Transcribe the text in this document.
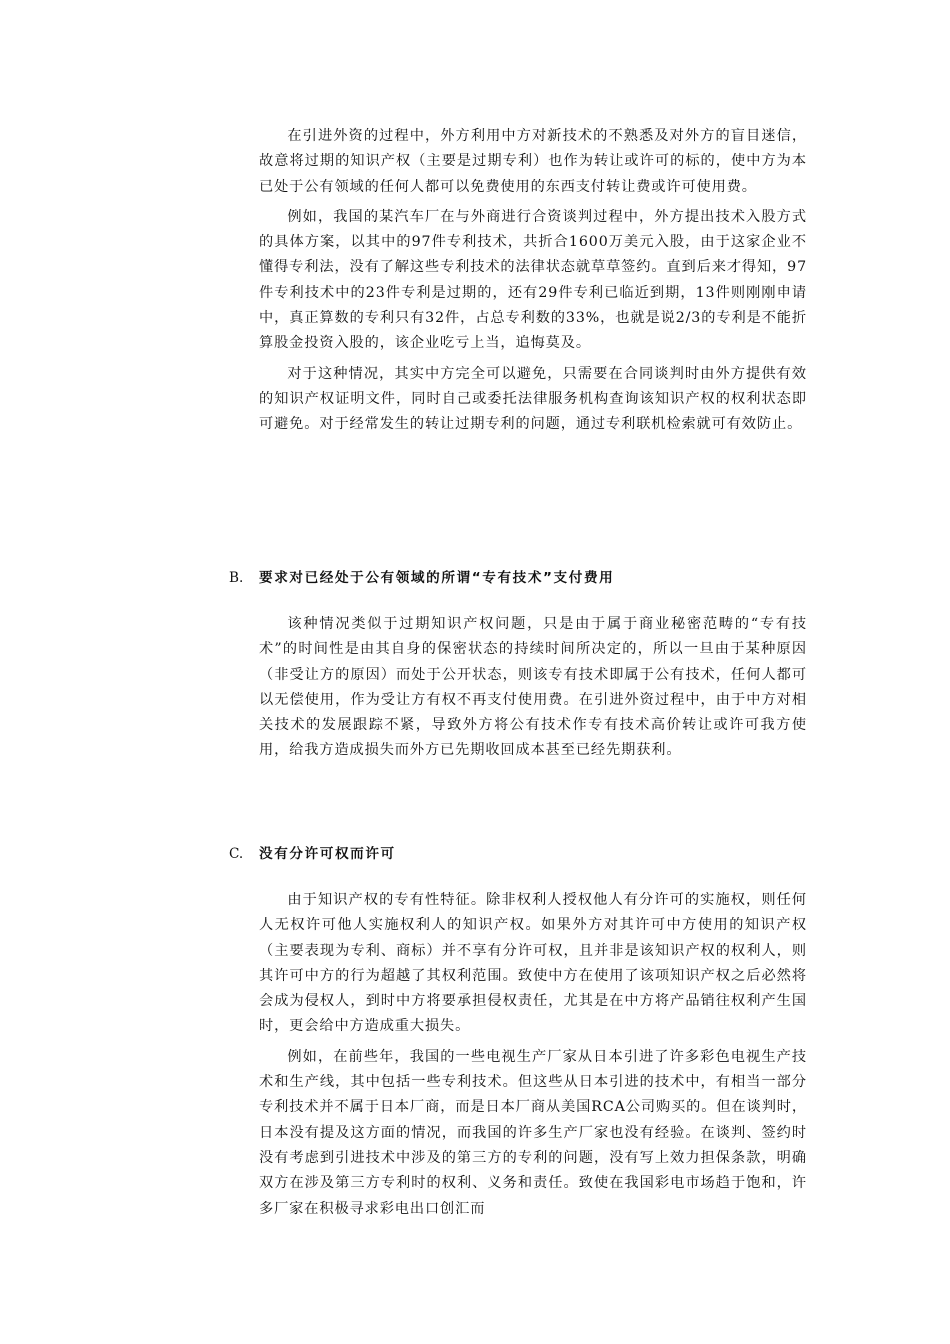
在引进外资的过程中，外方利用中方对新技术的不熟悉及对外方的盲目迷信，故意将过期的知识产权（主要是过期专利）也作为转让或许可的标的，使中方为本已处于公有领域的任何人都可以免费使用的东西支付转让费或许可使用费。

例如，我国的某汽车厂在与外商进行合资谈判过程中，外方提出技术入股方式的具体方案，以其中的97件专利技术，共折合1600万美元入股，由于这家企业不懂得专利法，没有了解这些专利技术的法律状态就草草签约。直到后来才得知，97件专利技术中的23件专利是过期的，还有29件专利已临近到期，13件则刚刚申请中，真正算数的专利只有32件，占总专利数的33%，也就是说2/3的专利是不能折算股金投资入股的，该企业吃亏上当，追悔莫及。

对于这种情况，其实中方完全可以避免，只需要在合同谈判时由外方提供有效的知识产权证明文件，同时自己或委托法律服务机构查询该知识产权的权利状态即可避免。对于经常发生的转让过期专利的问题，通过专利联机检索就可有效防止。

B. 要求对已经处于公有领域的所谓“专有技术”支付费用

该种情况类似于过期知识产权问题，只是由于属于商业秘密范畴的“专有技术”的时间性是由其自身的保密状态的持续时间所决定的，所以一旦由于某种原因（非受让方的原因）而处于公开状态，则该专有技术即属于公有技术，任何人都可以无偿使用，作为受让方有权不再支付使用费。在引进外资过程中，由于中方对相关技术的发展跟踪不紧，导致外方将公有技术作专有技术高价转让或许可我方使用，给我方造成损失而外方已先期收回成本甚至已经先期获利。

C. 没有分许可权而许可

由于知识产权的专有性特征。除非权利人授权他人有分许可的实施权，则任何人无权许可他人实施权利人的知识产权。如果外方对其许可中方使用的知识产权（主要表现为专利、商标）并不享有分许可权，且并非是该知识产权的权利人，则其许可中方的行为超越了其权利范围。致使中方在使用了该项知识产权之后必然将会成为侵权人，到时中方将要承担侵权责任，尤其是在中方将产品销往权利产生国时，更会给中方造成重大损失。

例如，在前些年，我国的一些电视生产厂家从日本引进了许多彩色电视生产技术和生产线，其中包括一些专利技术。但这些从日本引进的技术中，有相当一部分专利技术并不属于日本厂商，而是日本厂商从美国RCA公司购买的。但在谈判时，日本没有提及这方面的情况，而我国的许多生产厂家也没有经验。在谈判、签约时没有考虑到引进技术中涉及的第三方的专利的问题，没有写上效力担保条款，明确双方在涉及第三方专利时的权利、义务和责任。致使在我国彩电市场趋于饱和，许多厂家在积极寻求彩电出口创汇而
